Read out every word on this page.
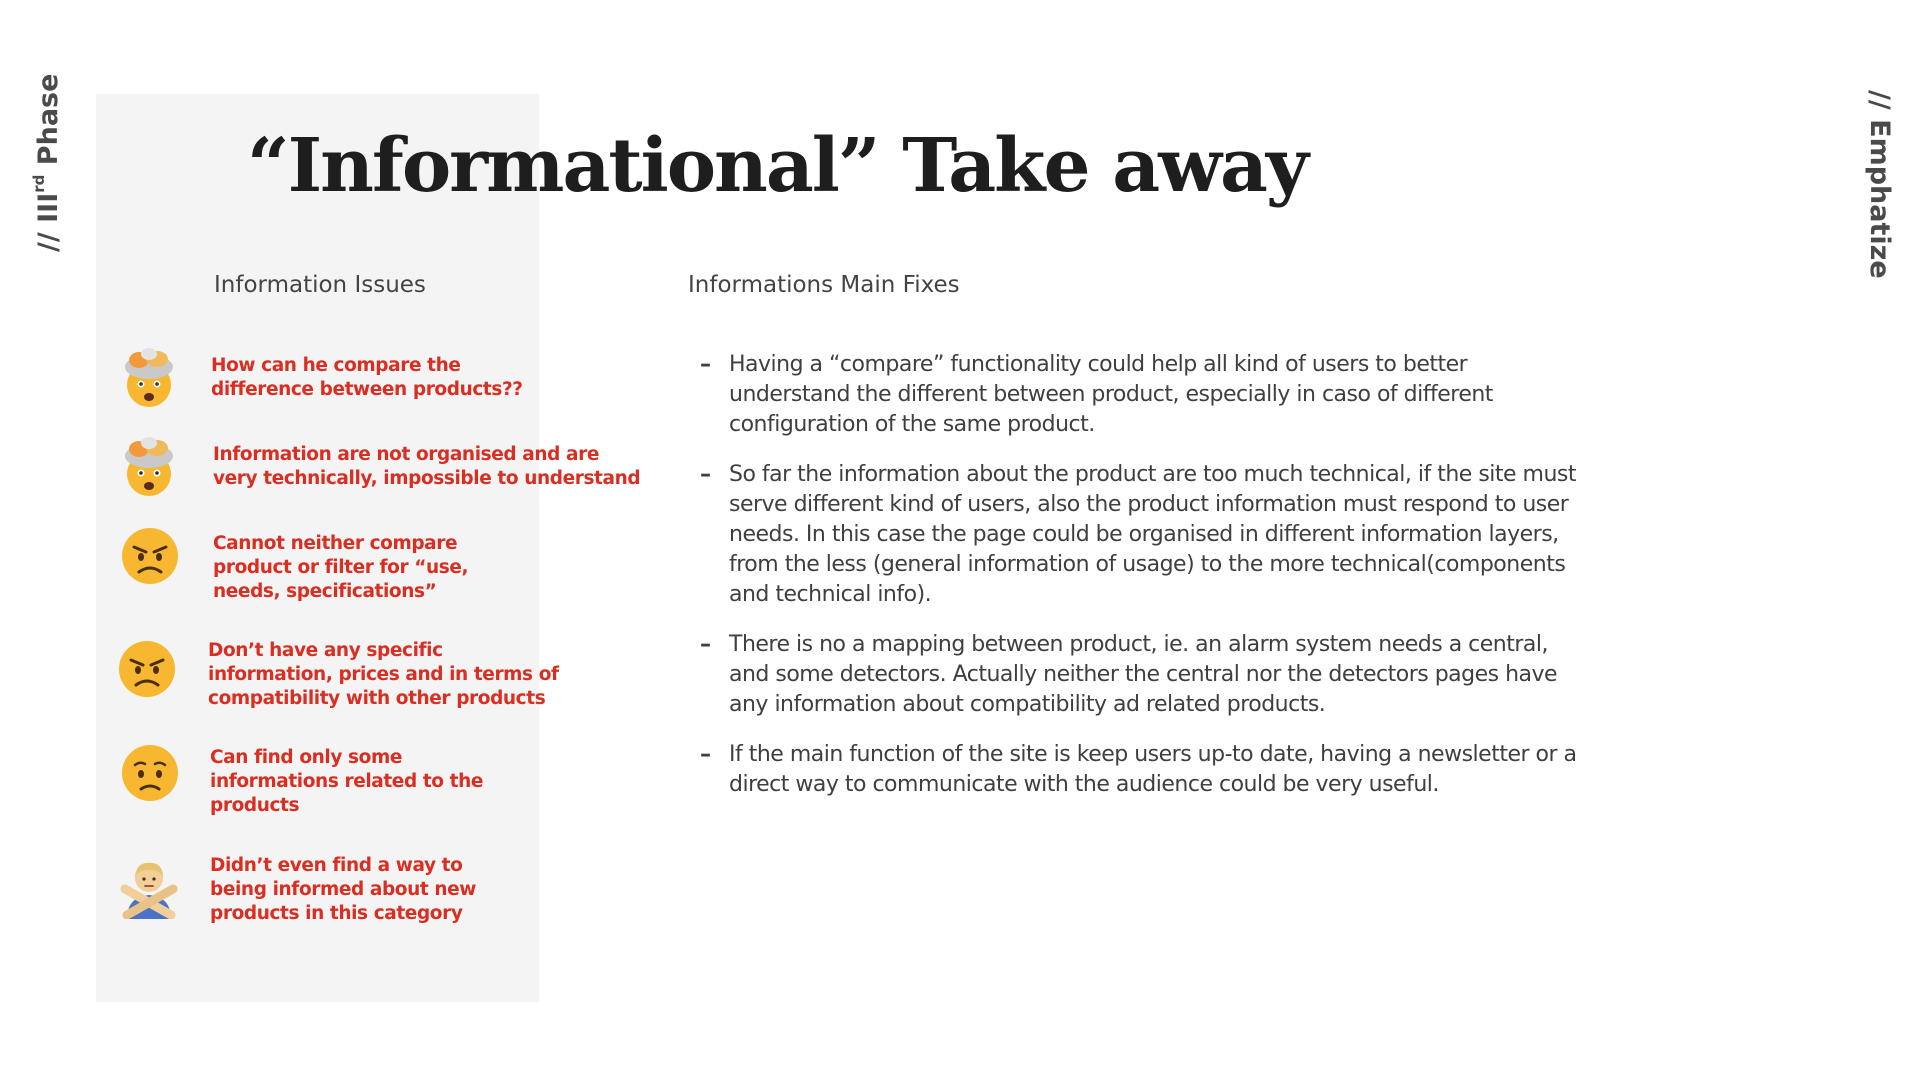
// IIIrd Phase	// Emphatize
“Informational” Take away
Information Issues	Informations Main Fixes
How can he compare the
difference between products??
Information are not organised and are
very technically, impossible to understand
Cannot neither compare
product or filter for “use,
needs, specifications”
Don’t have any specific
information, prices and in terms of
compatibility with other products
Can find only some
informations related to the
products
Didn’t even find a way to
being informed about new
products in this category
– Having a “compare” functionality could help all kind of users to better understand the different between product, especially in caso of different configuration of the same product.
– So far the information about the product are too much technical, if the site must serve different kind of users, also the product information must respond to user needs. In this case the page could be organised in different information layers, from the less (general information of usage) to the more technical(components and technical info).
– There is no a mapping between product, ie. an alarm system needs a central, and some detectors. Actually neither the central nor the detectors pages have any information about compatibility ad related products.
– If the main function of the site is keep users up-to date, having a newsletter or a direct way to communicate with the audience could be very useful.
